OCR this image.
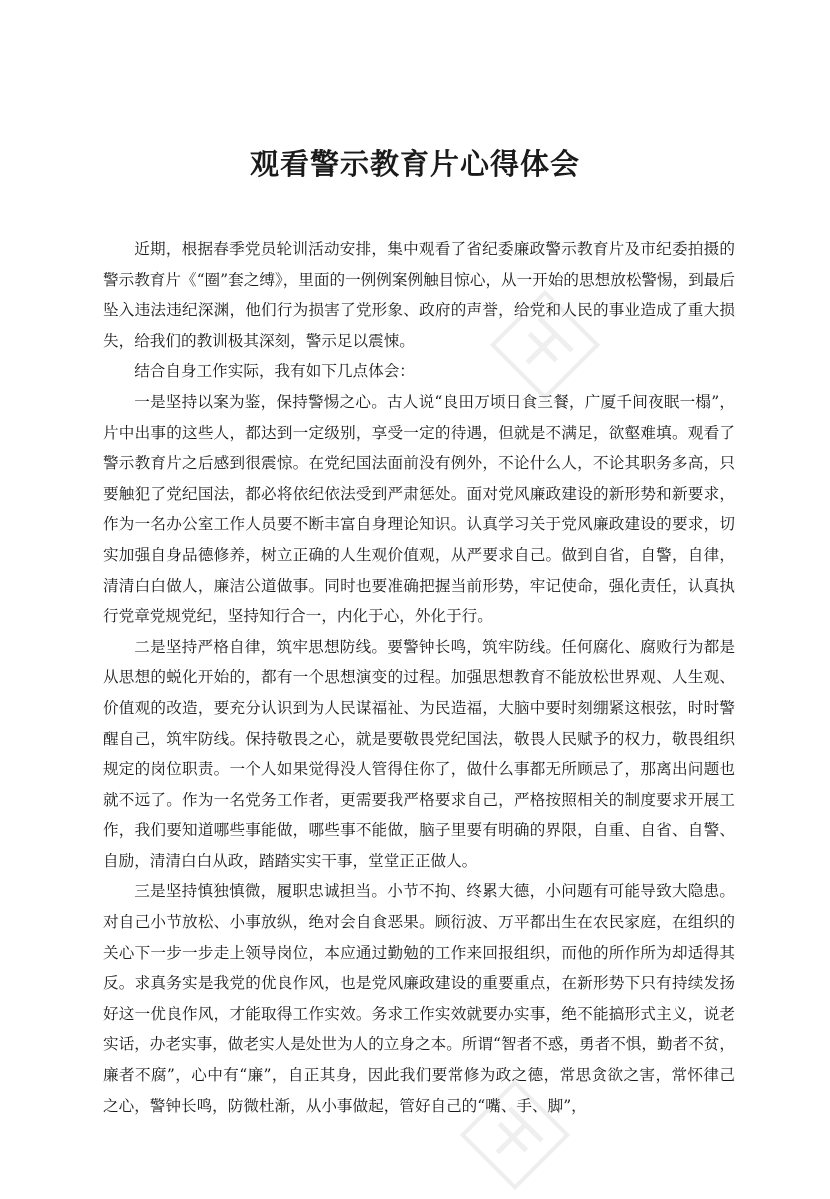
观看警示教育片心得体会

近期，根据春季党员轮训活动安排，集中观看了省纪委廉政警示教育片及市纪委拍摄的警示教育片《“圈”套之缚》，里面的一例例案例触目惊心，从一开始的思想放松警惕，到最后坠入违法违纪深渊，他们行为损害了党形象、政府的声誉，给党和人民的事业造成了重大损失，给我们的教训极其深刻，警示足以震悚。

结合自身工作实际，我有如下几点体会：

一是坚持以案为鉴，保持警惕之心。古人说“良田万顷日食三餐，广厦千间夜眠一榻”，片中出事的这些人，都达到一定级别，享受一定的待遇，但就是不满足，欲壑难填。观看了警示教育片之后感到很震惊。在党纪国法面前没有例外，不论什么人，不论其职务多高，只要触犯了党纪国法，都必将依纪依法受到严肃惩处。面对党风廉政建设的新形势和新要求，作为一名办公室工作人员要不断丰富自身理论知识。认真学习关于党风廉政建设的要求，切实加强自身品德修养，树立正确的人生观价值观，从严要求自己。做到自省，自警，自律，清清白白做人，廉洁公道做事。同时也要准确把握当前形势，牢记使命，强化责任，认真执行党章党规党纪，坚持知行合一，内化于心，外化于行。

二是坚持严格自律，筑牢思想防线。要警钟长鸣，筑牢防线。任何腐化、腐败行为都是从思想的蜕化开始的，都有一个思想演变的过程。加强思想教育不能放松世界观、人生观、价值观的改造，要充分认识到为人民谋福祉、为民造福，大脑中要时刻绷紧这根弦，时时警醒自己，筑牢防线。保持敬畏之心，就是要敬畏党纪国法，敬畏人民赋予的权力，敬畏组织规定的岗位职责。一个人如果觉得没人管得住你了，做什么事都无所顾忌了，那离出问题也就不远了。作为一名党务工作者，更需要我严格要求自己，严格按照相关的制度要求开展工作，我们要知道哪些事能做，哪些事不能做，脑子里要有明确的界限，自重、自省、自警、自励，清清白白从政，踏踏实实干事，堂堂正正做人。

三是坚持慎独慎微，履职忠诚担当。小节不拘、终累大德，小问题有可能导致大隐患。对自己小节放松、小事放纵，绝对会自食恶果。顾衍波、万平都出生在农民家庭，在组织的关心下一步一步走上领导岗位，本应通过勤勉的工作来回报组织，而他的所作所为却适得其反。求真务实是我党的优良作风，也是党风廉政建设的重要重点，在新形势下只有持续发扬好这一优良作风，才能取得工作实效。务求工作实效就要办实事，绝不能搞形式主义，说老实话，办老实事，做老实人是处世为人的立身之本。所谓“智者不惑，勇者不惧，勤者不贫，廉者不腐”，心中有“廉”，自正其身，因此我们要常修为政之德，常思贪欲之害，常怀律己之心，警钟长鸣，防微杜渐，从小事做起，管好自己的“嘴、手、脚”，
